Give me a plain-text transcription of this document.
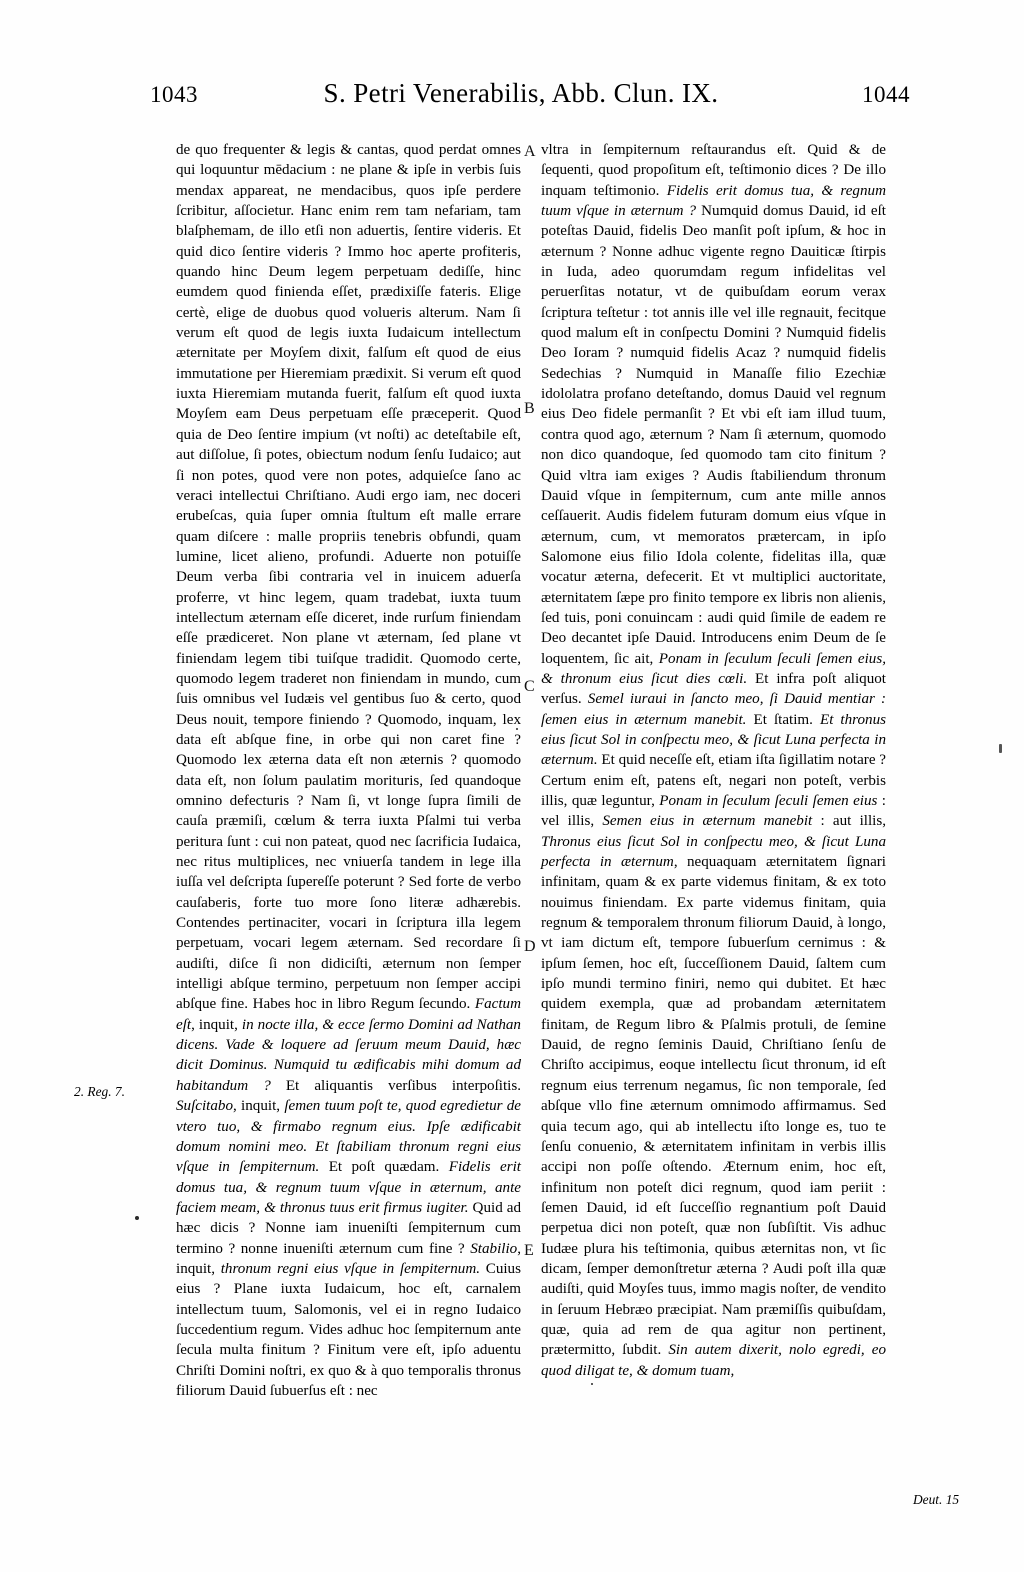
1043	S. Petri Venerabilis, Abb. Clun. IX.	1044
2. Reg. 7.
Deut. 15
A
B
C
D
E

de quo frequenter & legis & cantas, quod perdat omnes qui loquuntur mēdacium : ne plane & ipſe in verbis ſuis mendax appareat, ne mendacibus, quos ipſe perdere ſcribitur, aſſocietur. Hanc enim rem tam nefariam, tam blaſphemam, de illo etſi non aduertis, ſentire videris. Et quid dico ſentire videris ? Immo hoc aperte profiteris, quando hinc Deum legem perpetuam dediſſe, hinc eumdem quod finienda eſſet, prædixiſſe fateris. Elige certè, elige de duobus quod volueris alterum. Nam ſi verum eſt quod de legis iuxta Iudaicum intellectum æternitate per Moyſem dixit, falſum eſt quod de eius immutatione per Hieremiam prædixit. Si verum eſt quod iuxta Hieremiam mutanda fuerit, falſum eſt quod iuxta Moyſem eam Deus perpetuam eſſe præceperit. Quod quia de Deo ſentire impium (vt noſti) ac deteſtabile eſt, aut diſſolue, ſi potes, obiectum nodum ſenſu Iudaico; aut ſi non potes, quod vere non potes, adquieſce ſano ac veraci intellectui Chriſtiano. Audi ergo iam, nec doceri erubeſcas, quia ſuper omnia ſtultum eſt malle errare quam diſcere : malle propriis tenebris obfundi, quam lumine, licet alieno, profundi. Aduerte non potuiſſe Deum verba ſibi contraria vel in inuicem aduerſa proferre, vt hinc legem, quam tradebat, iuxta tuum intellectum æternam eſſe diceret, inde rurſum finiendam eſſe prædiceret. Non plane vt æternam, ſed plane vt finiendam legem tibi tuiſque tradidit. Quomodo certe, quomodo legem traderet non finiendam in mundo, cum ſuis omnibus vel Iudæis vel gentibus ſuo & certo, quod Deus nouit, tempore finiendo ? Quomodo, inquam, lex data eſt abſque fine, in orbe qui non caret fine ? Quomodo lex æterna data eſt non æternis ? quomodo data eſt, non ſolum paulatim morituris, ſed quandoque omnino defecturis ? Nam ſi, vt longe ſupra ſimili de cauſa præmiſi, cœlum & terra iuxta Pſalmi tui verba peritura ſunt : cui non pateat, quod nec ſacrificia Iudaica, nec ritus multiplices, nec vniuerſa tandem in lege illa iuſſa vel deſcripta ſupereſſe poterunt ? Sed forte de verbo cauſaberis, forte tuo more ſono literæ adhærebis. Contendes pertinaciter, vocari in ſcriptura illa legem perpetuam, vocari legem æternam. Sed recordare ſi audiſti, diſce ſi non didiciſti, æternum non ſemper intelligi abſque termino, perpetuum non ſemper accipi abſque fine. Habes hoc in libro Regum ſecundo. Factum eſt, inquit, in nocte illa, & ecce ſermo Domini ad Nathan dicens. Vade & loquere ad ſeruum meum Dauid, hæc dicit Dominus. Numquid tu ædificabis mihi domum ad habitandum ? Et aliquantis verſibus interpoſitis. Suſcitabo, inquit, ſemen tuum poſt te, quod egredietur de vtero tuo, & firmabo regnum eius. Ipſe ædificabit domum nomini meo. Et ſtabiliam thronum regni eius vſque in ſempiternum. Et poſt quædam. Fidelis erit domus tua, & regnum tuum vſque in æternum, ante faciem meam, & thronus tuus erit firmus iugiter. Quid ad hæc dicis ? Nonne iam inueniſti ſempiternum cum termino ? nonne inueniſti æternum cum fine ? Stabilio, inquit, thronum regni eius vſque in ſempiternum. Cuius eius ? Plane iuxta Iudaicum, hoc eſt, carnalem intellectum tuum, Salomonis, vel ei in regno Iudaico ſuccedentium regum. Vides adhuc hoc ſempiternum ante ſecula multa finitum ? Finitum vere eſt, ipſo aduentu Chriſti Domini noſtri, ex quo & à quo temporalis thronus filiorum Dauid ſubuerſus eſt : nec

vltra in ſempiternum reſtaurandus eſt. Quid & de ſequenti, quod propoſitum eſt, teſtimonio dices ? De illo inquam teſtimonio. Fidelis erit domus tua, & regnum tuum vſque in æternum ? Numquid domus Dauid, id eſt poteſtas Dauid, fidelis Deo manſit poſt ipſum, & hoc in æternum ? Nonne adhuc vigente regno Dauiticæ ſtirpis in Iuda, adeo quorumdam regum infidelitas vel peruerſitas notatur, vt de quibuſdam eorum verax ſcriptura teſtetur : tot annis ille vel ille regnauit, fecitque quod malum eſt in conſpectu Domini ? Numquid fidelis Deo Ioram ? numquid fidelis Acaz ? numquid fidelis Sedechias ? Numquid in Manaſſe filio Ezechiæ idololatra profano deteſtando, domus Dauid vel regnum eius Deo fidele permanſit ? Et vbi eſt iam illud tuum, contra quod ago, æternum ? Nam ſi æternum, quomodo non dico quandoque, ſed quomodo tam cito finitum ? Quid vltra iam exiges ? Audis ſtabiliendum thronum Dauid vſque in ſempiternum, cum ante mille annos ceſſauerit. Audis fidelem futuram domum eius vſque in æternum, cum, vt memoratos prætercam, in ipſo Salomone eius filio Idola colente, fidelitas illa, quæ vocatur æterna, defecerit. Et vt multiplici auctoritate, æternitatem ſæpe pro finito tempore ex libris non alienis, ſed tuis, poni conuincam : audi quid ſimile de eadem re Deo decantet ipſe Dauid. Introducens enim Deum de ſe loquentem, ſic ait, Ponam in ſeculum ſeculi ſemen eius, & thronum eius ſicut dies cœli. Et infra poſt aliquot verſus. Semel iuraui in ſancto meo, ſi Dauid mentiar : ſemen eius in æternum manebit. Et ſtatim. Et thronus eius ſicut Sol in conſpectu meo, & ſicut Luna perfecta in æternum. Et quid neceſſe eſt, etiam iſta ſigillatim notare ? Certum enim eſt, patens eſt, negari non poteſt, verbis illis, quæ leguntur, Ponam in ſeculum ſeculi ſemen eius : vel illis, Semen eius in æternum manebit : aut illis, Thronus eius ſicut Sol in conſpectu meo, & ſicut Luna perfecta in æternum, nequaquam æternitatem ſignari infinitam, quam & ex parte videmus finitam, & ex toto nouimus finiendam. Ex parte videmus finitam, quia regnum & temporalem thronum filiorum Dauid, à longo, vt iam dictum eſt, tempore ſubuerſum cernimus : & ipſum ſemen, hoc eſt, ſucceſſionem Dauid, ſaltem cum ipſo mundi termino finiri, nemo qui dubitet. Et hæc quidem exempla, quæ ad probandam æternitatem finitam, de Regum libro & Pſalmis protuli, de ſemine Dauid, de regno ſeminis Dauid, Chriſtiano ſenſu de Chriſto accipimus, eoque intellectu ſicut thronum, id eſt regnum eius terrenum negamus, ſic non temporale, ſed abſque vllo fine æternum omnimodo affirmamus. Sed quia tecum ago, qui ab intellectu iſto longe es, tuo te ſenſu conuenio, & æternitatem infinitam in verbis illis accipi non poſſe oſtendo. Æternum enim, hoc eſt, infinitum non poteſt dici regnum, quod iam periit : ſemen Dauid, id eſt ſucceſſio regnantium poſt Dauid perpetua dici non poteſt, quæ non ſubſiſtit. Vis adhuc Iudæe plura his teſtimonia, quibus æternitas non, vt ſic dicam, ſemper demonſtretur æterna ? Audi poſt illa quæ audiſti, quid Moyſes tuus, immo magis noſter, de vendito in ſeruum Hebræo præcipiat. Nam præmiſſis quibuſdam, quæ, quia ad rem de qua agitur non pertinent, prætermitto, ſubdit. Sin autem dixerit, nolo egredi, eo quod diligat te, & domum tuam,
